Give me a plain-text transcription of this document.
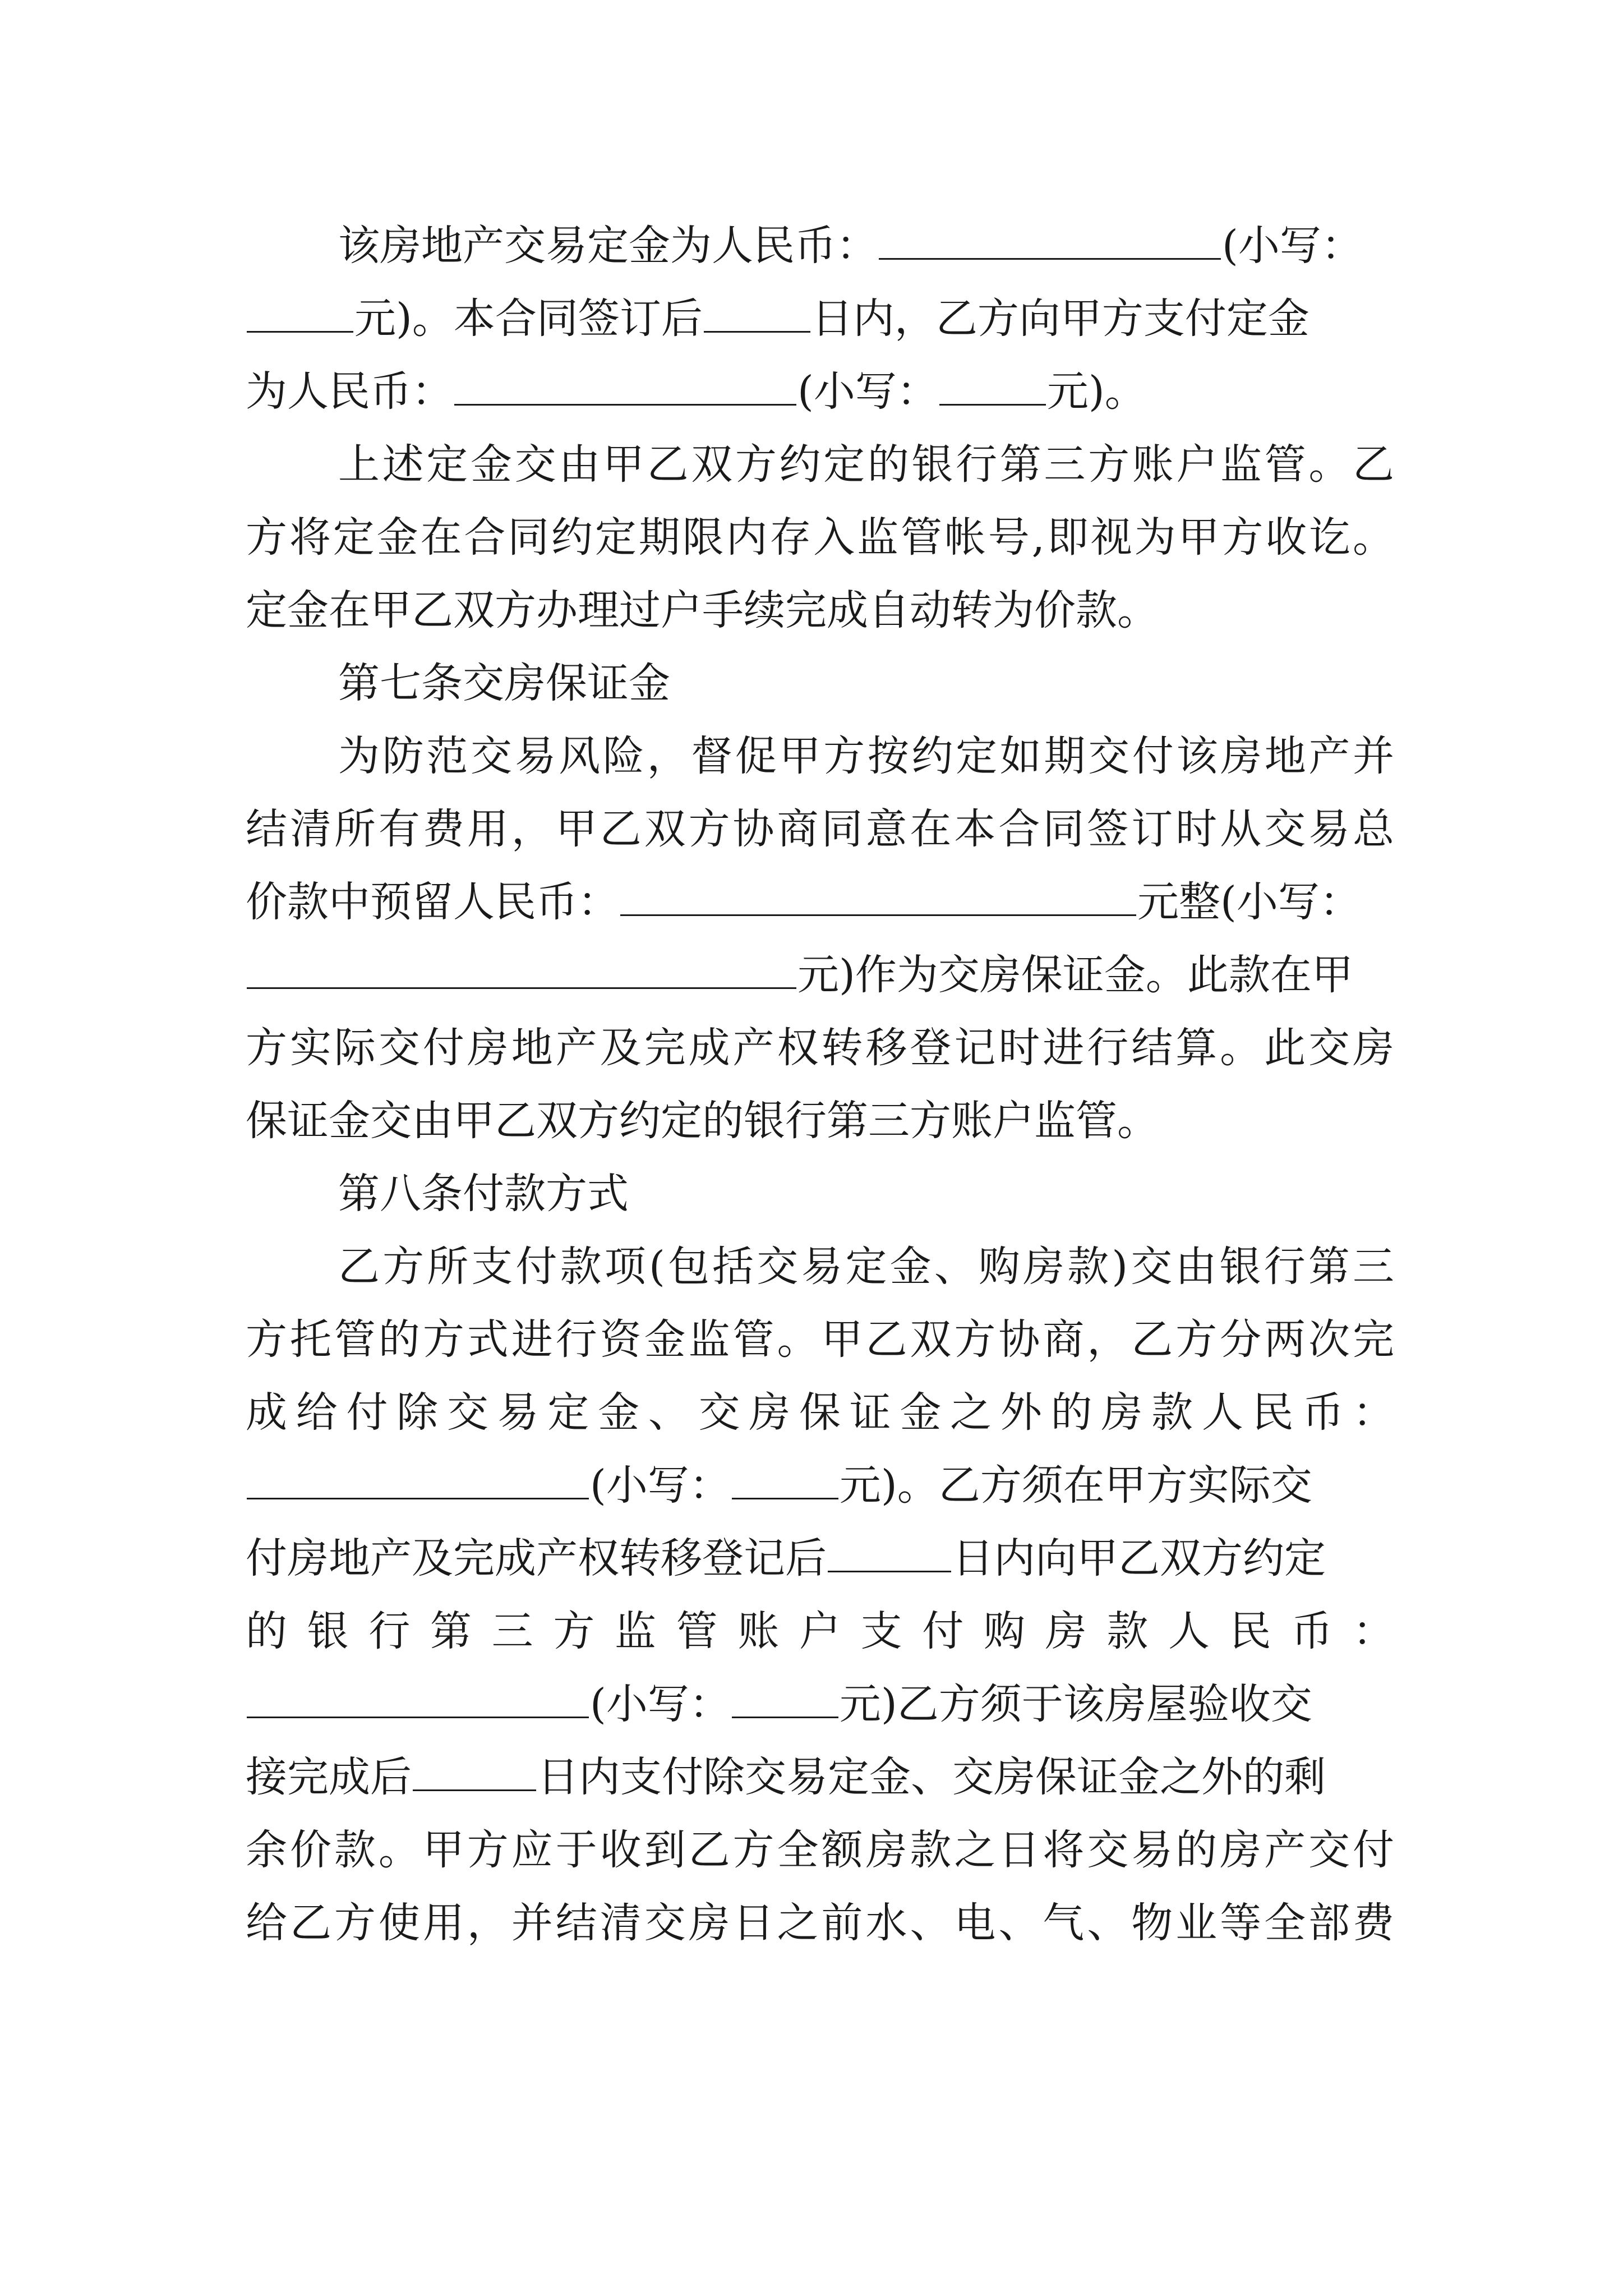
该房地产交易定金为人民币：	(小写：
元)。本合同签订后	日内，乙方向甲方支付定金
为人民币：	(小写：	元)。
上述定金交由甲乙双方约定的银行第三方账户监管。乙
方将定金在合同约定期限内存入监管帐号,即视为甲方收讫。
定金在甲乙双方办理过户手续完成自动转为价款。
第七条交房保证金
为防范交易风险，督促甲方按约定如期交付该房地产并
结清所有费用，甲乙双方协商同意在本合同签订时从交易总
价款中预留人民币：	元整(小写：
元)作为交房保证金。此款在甲
方实际交付房地产及完成产权转移登记时进行结算。此交房
保证金交由甲乙双方约定的银行第三方账户监管。
第八条付款方式
乙方所支付款项(包括交易定金、购房款)交由银行第三
方托管的方式进行资金监管。甲乙双方协商，乙方分两次完
成给付除交易定金、交房保证金之外的房款人民币：
(小写：	元)。乙方须在甲方实际交
付房地产及完成产权转移登记后	日内向甲乙双方约定
的银行第三方监管账户支付购房款人民币：
(小写：	元)乙方须于该房屋验收交
接完成后	日内支付除交易定金、交房保证金之外的剩
余价款。甲方应于收到乙方全额房款之日将交易的房产交付
给乙方使用，并结清交房日之前水、电、气、物业等全部费
